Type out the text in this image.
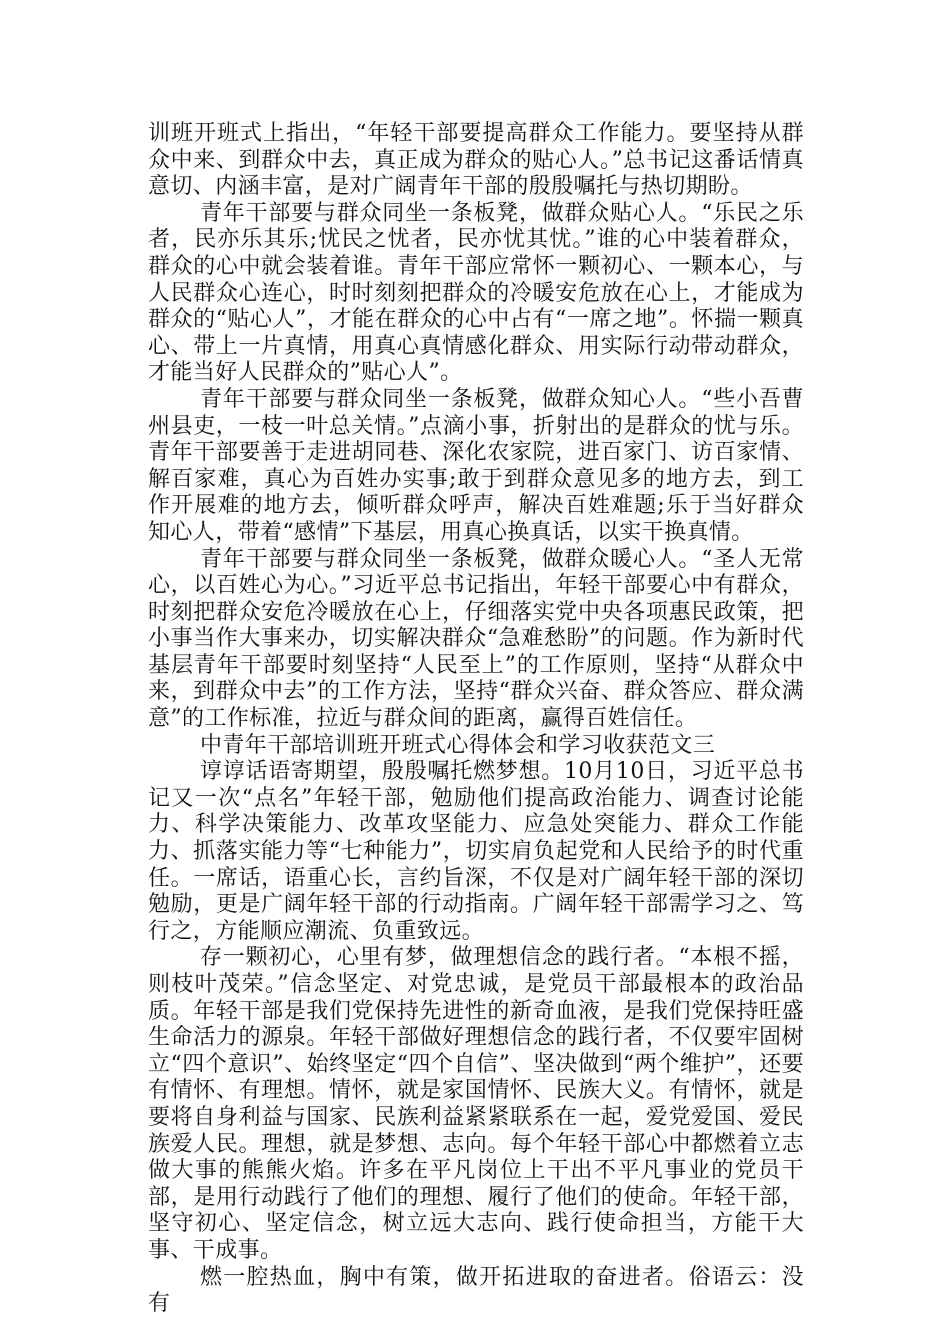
训班开班式上指出，“年轻干部要提高群众工作能力。要坚持从群众中来、到群众中去，真正成为群众的贴心人。”总书记这番话情真意切、内涵丰富，是对广阔青年干部的殷殷嘱托与热切期盼。

青年干部要与群众同坐一条板凳，做群众贴心人。“乐民之乐者，民亦乐其乐;忧民之忧者，民亦忧其忧。”谁的心中装着群众，群众的心中就会装着谁。青年干部应常怀一颗初心、一颗本心，与人民群众心连心，时时刻刻把群众的冷暖安危放在心上，才能成为群众的“贴心人”，才能在群众的心中占有“一席之地”。怀揣一颗真心、带上一片真情，用真心真情感化群众、用实际行动带动群众，才能当好人民群众的”贴心人”。

青年干部要与群众同坐一条板凳，做群众知心人。“些小吾曹州县吏，一枝一叶总关情。”点滴小事，折射出的是群众的忧与乐。青年干部要善于走进胡同巷、深化农家院，进百家门、访百家情、解百家难，真心为百姓办实事;敢于到群众意见多的地方去，到工作开展难的地方去，倾听群众呼声，解决百姓难题;乐于当好群众知心人，带着“感情”下基层，用真心换真话，以实干换真情。

青年干部要与群众同坐一条板凳，做群众暖心人。“圣人无常心，以百姓心为心。”习近平总书记指出，年轻干部要心中有群众，时刻把群众安危冷暖放在心上，仔细落实党中央各项惠民政策，把小事当作大事来办，切实解决群众“急难愁盼”的问题。作为新时代基层青年干部要时刻坚持“人民至上”的工作原则，坚持“从群众中来，到群众中去”的工作方法，坚持“群众兴奋、群众答应、群众满意”的工作标准，拉近与群众间的距离，赢得百姓信任。

中青年干部培训班开班式心得体会和学习收获范文三

谆谆话语寄期望，殷殷嘱托燃梦想。10月10日，习近平总书记又一次“点名”年轻干部，勉励他们提高政治能力、调查讨论能力、科学决策能力、改革攻坚能力、应急处突能力、群众工作能力、抓落实能力等“七种能力”，切实肩负起党和人民给予的时代重任。一席话，语重心长，言约旨深，不仅是对广阔年轻干部的深切勉励，更是广阔年轻干部的行动指南。广阔年轻干部需学习之、笃行之，方能顺应潮流、负重致远。

存一颗初心，心里有梦，做理想信念的践行者。“本根不摇，则枝叶茂荣。”信念坚定、对党忠诚，是党员干部最根本的政治品质。年轻干部是我们党保持先进性的新奇血液，是我们党保持旺盛生命活力的源泉。年轻干部做好理想信念的践行者，不仅要牢固树立“四个意识”、始终坚定“四个自信”、坚决做到“两个维护”，还要有情怀、有理想。情怀，就是家国情怀、民族大义。有情怀，就是要将自身利益与国家、民族利益紧紧联系在一起，爱党爱国、爱民族爱人民。理想，就是梦想、志向。每个年轻干部心中都燃着立志做大事的熊熊火焰。许多在平凡岗位上干出不平凡事业的党员干部，是用行动践行了他们的理想、履行了他们的使命。年轻干部，坚守初心、坚定信念，树立远大志向、践行使命担当，方能干大事、干成事。

燃一腔热血，胸中有策，做开拓进取的奋进者。俗语云：没有
